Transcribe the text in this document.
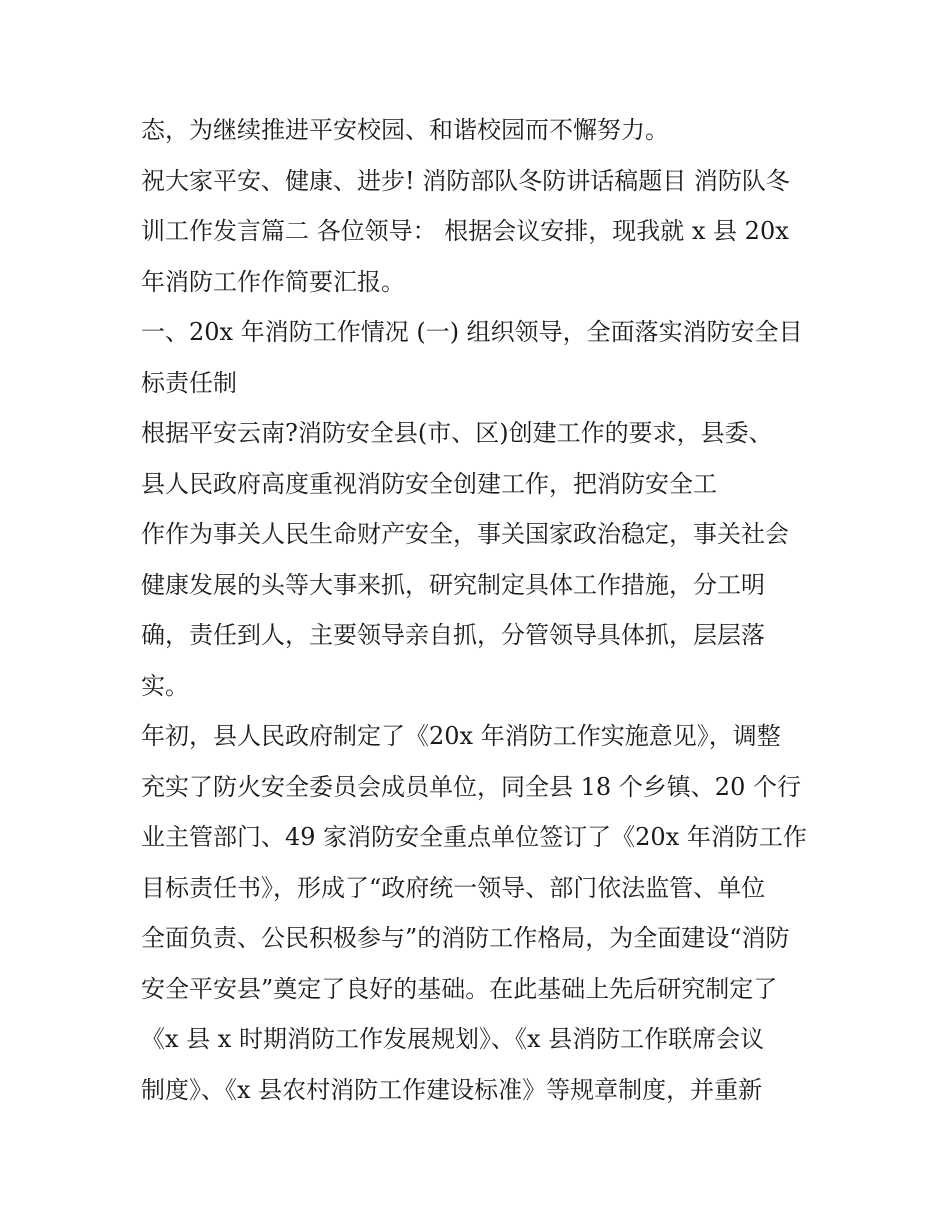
态，为继续推进平安校园、和谐校园而不懈努力。
祝大家平安、健康、进步! 消防部队冬防讲话稿题目 消防队冬
训工作发言篇二 各位领导： 根据会议安排，现我就 x 县 20x
年消防工作作简要汇报。
一、20x 年消防工作情况 (一) 组织领导，全面落实消防安全目
标责任制
根据平安云南?消防安全县(市、区)创建工作的要求，县委、
县人民政府高度重视消防安全创建工作，把消防安全工
作作为事关人民生命财产安全，事关国家政治稳定，事关社会
健康发展的头等大事来抓，研究制定具体工作措施，分工明
确，责任到人，主要领导亲自抓，分管领导具体抓，层层落
实。
年初，县人民政府制定了《20x 年消防工作实施意见》，调整
充实了防火安全委员会成员单位，同全县 18 个乡镇、20 个行
业主管部门、49 家消防安全重点单位签订了《20x 年消防工作
目标责任书》，形成了“政府统一领导、部门依法监管、单位
全面负责、公民积极参与”的消防工作格局，为全面建设“消防
安全平安县”奠定了良好的基础。在此基础上先后研究制定了
《x 县 x 时期消防工作发展规划》、《x 县消防工作联席会议
制度》、《x 县农村消防工作建设标准》等规章制度，并重新
